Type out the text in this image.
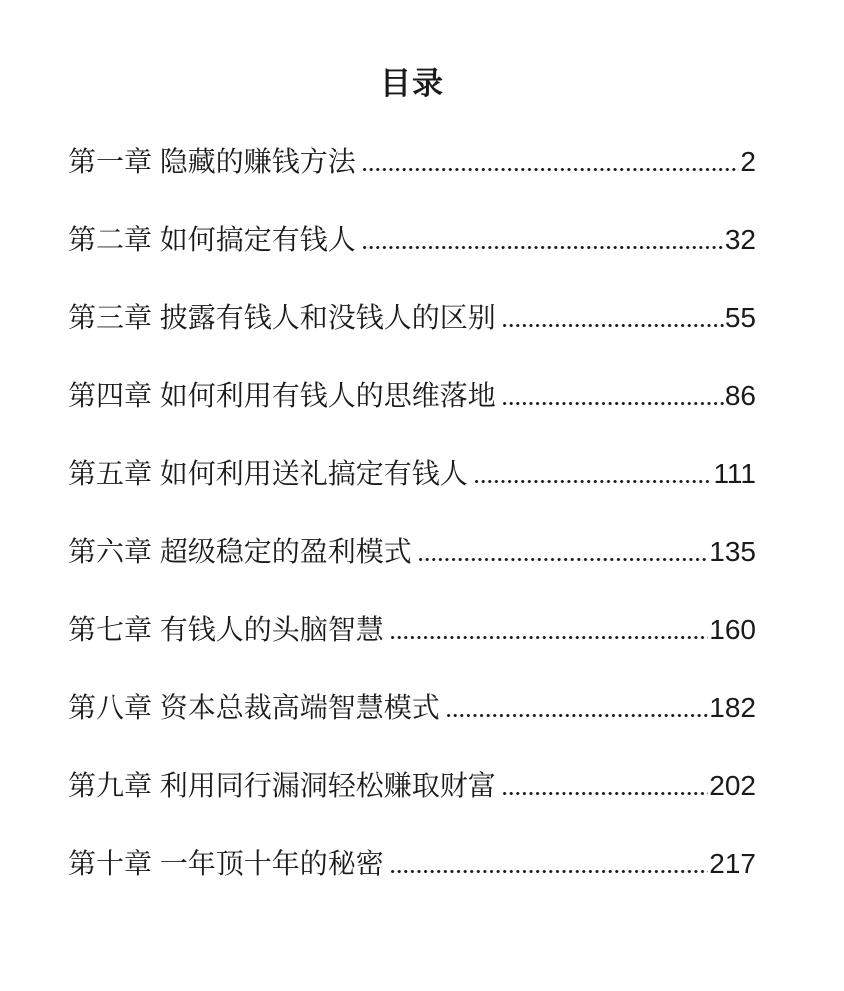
目录
第一章 隐藏的赚钱方法	2
第二章 如何搞定有钱人	32
第三章 披露有钱人和没钱人的区别	55
第四章 如何利用有钱人的思维落地	86
第五章 如何利用送礼搞定有钱人	111
第六章 超级稳定的盈利模式	135
第七章 有钱人的头脑智慧	160
第八章 资本总裁高端智慧模式	182
第九章 利用同行漏洞轻松赚取财富	202
第十章 一年顶十年的秘密	217
